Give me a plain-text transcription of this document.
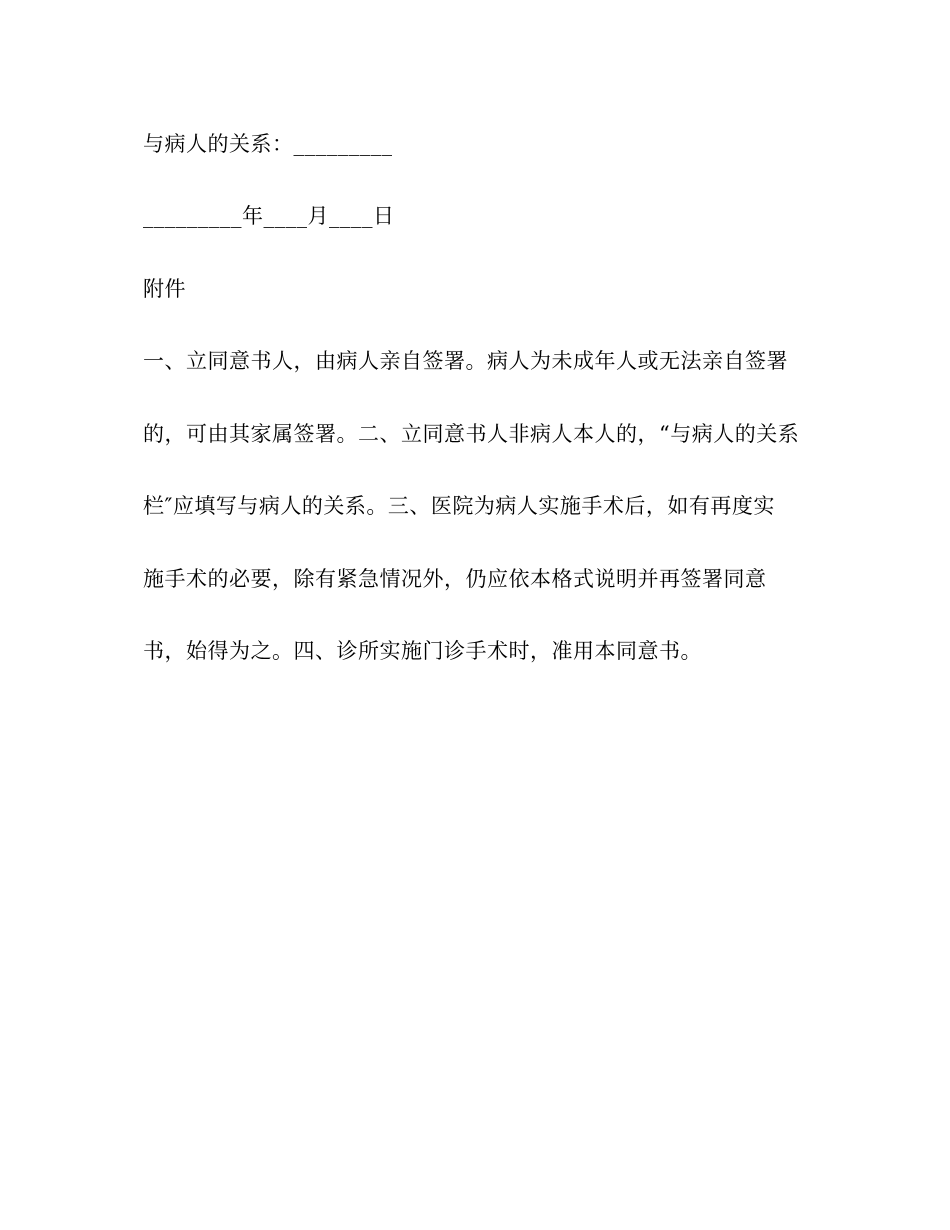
与病人的关系：_________
_________年____月____日
附件
一、立同意书人，由病人亲自签署。病人为未成年人或无法亲自签署
的，可由其家属签署。二、立同意书人非病人本人的，“与病人的关系
栏″应填写与病人的关系。三、医院为病人实施手术后，如有再度实
施手术的必要，除有紧急情况外，仍应依本格式说明并再签署同意
书，始得为之。四、诊所实施门诊手术时，准用本同意书。
